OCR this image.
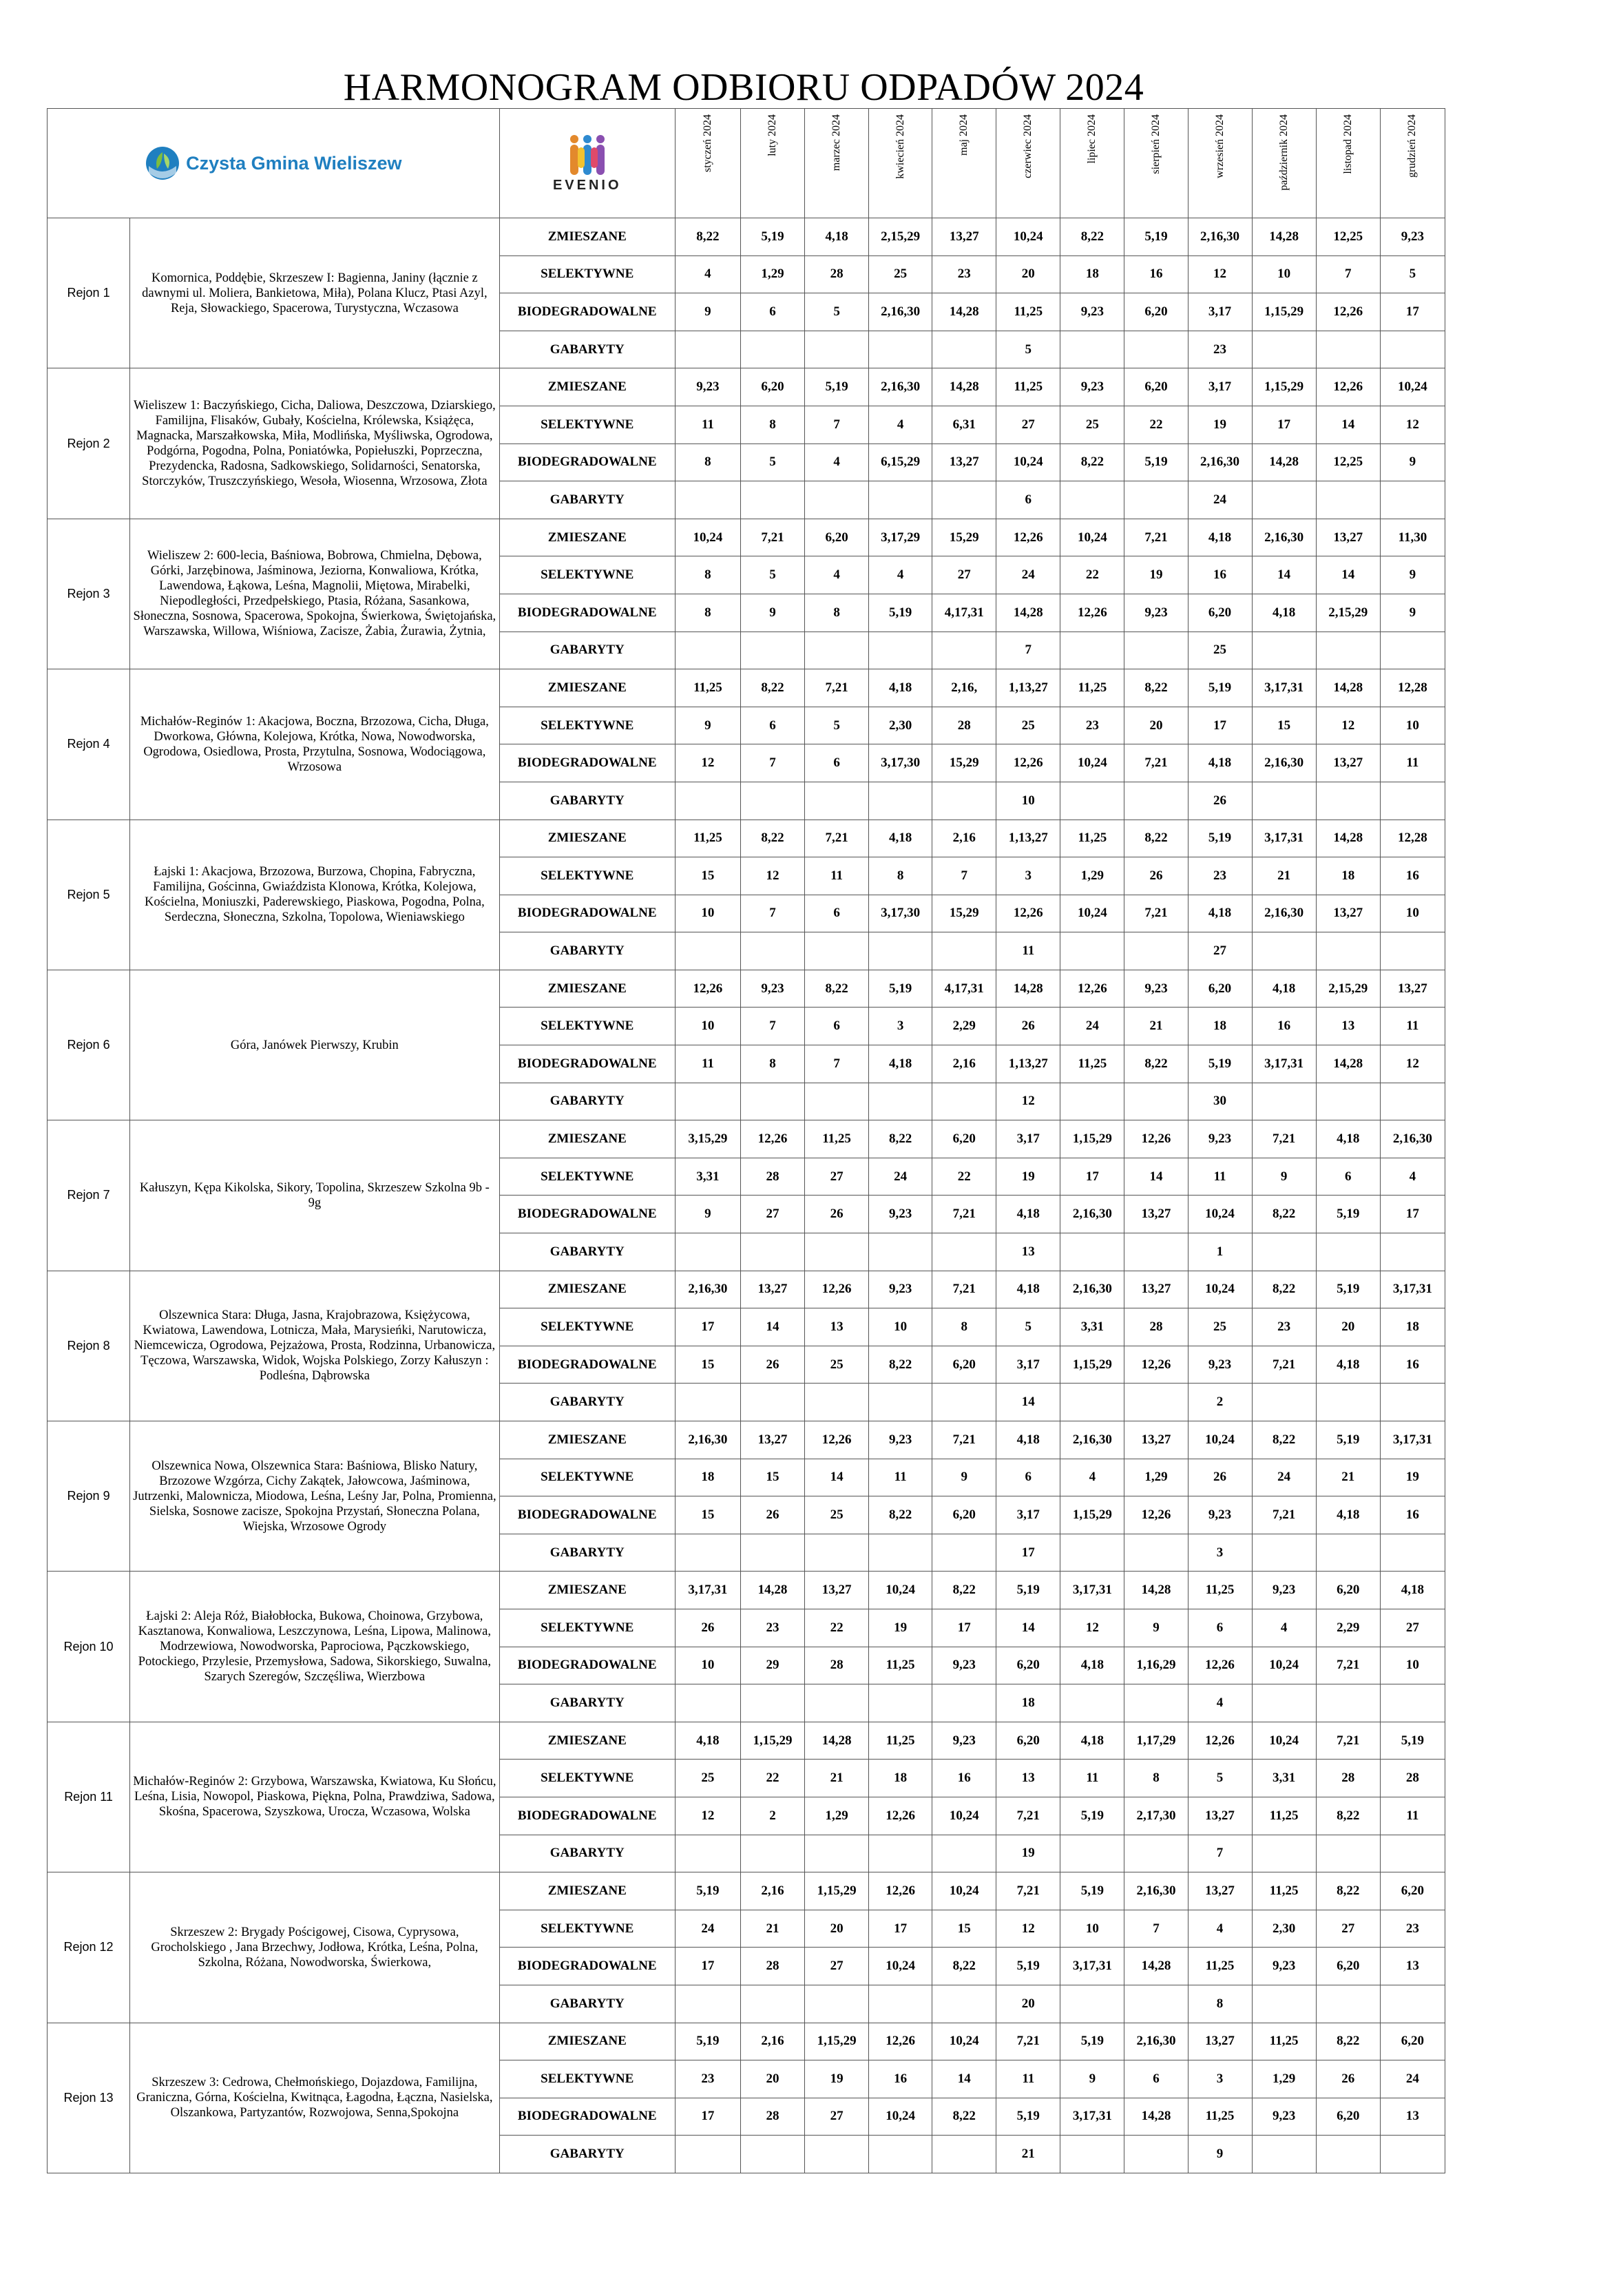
HARMONOGRAM ODBIORU ODPADÓW 2024
Czysta Gmina Wieliszew		EVENIO	styczeń 2024	luty 2024	marzec 2024	kwiecień 2024	maj 2024	czerwiec 2024	lipiec 2024	sierpień 2024	wrzesień 2024	październik 2024	listopad 2024	grudzień 2024

Rejon 1	Komornica, Poddębie, Skrzeszew I: Bagienna, Janiny (łącznie z dawnymi ul. Moliera, Bankietowa, Miła), Polana Klucz, Ptasi Azyl, Reja, Słowackiego, Spacerowa, Turystyczna, Wczasowa	ZMIESZANE	8,22	5,19	4,18	2,15,29	13,27	10,24	8,22	5,19	2,16,30	14,28	12,25	9,23
		SELEKTYWNE	4	1,29	28	25	23	20	18	16	12	10	7	5
		BIODEGRADOWALNE	9	6	5	2,16,30	14,28	11,25	9,23	6,20	3,17	1,15,29	12,26	17
		GABARYTY						5			23			
Rejon 2	Wieliszew 1: Baczyńskiego, Cicha, Daliowa, Deszczowa, Dziarskiego, Familijna, Flisaków, Gubały, Kościelna, Królewska, Książęca, Magnacka, Marszałkowska, Miła, Modlińska, Myśliwska, Ogrodowa, Podgórna, Pogodna, Polna, Poniatówka, Popiełuszki, Poprzeczna, Prezydencka, Radosna, Sadkowskiego, Solidarności, Senatorska, Storczyków, Truszczyńskiego, Wesoła, Wiosenna, Wrzosowa, Złota	ZMIESZANE	9,23	6,20	5,19	2,16,30	14,28	11,25	9,23	6,20	3,17	1,15,29	12,26	10,24
		SELEKTYWNE	11	8	7	4	6,31	27	25	22	19	17	14	12
		BIODEGRADOWALNE	8	5	4	6,15,29	13,27	10,24	8,22	5,19	2,16,30	14,28	12,25	9
		GABARYTY						6			24			
Rejon 3	Wieliszew 2: 600-lecia, Baśniowa, Bobrowa, Chmielna, Dębowa, Górki, Jarzębinowa, Jaśminowa, Jeziorna, Konwaliowa, Krótka, Lawendowa, Łąkowa, Leśna, Magnolii, Miętowa, Mirabelki, Niepodległości, Przedpełskiego, Ptasia, Różana, Sasankowa, Słoneczna, Sosnowa, Spacerowa, Spokojna, Świerkowa, Świętojańska, Warszawska, Willowa, Wiśniowa, Zacisze, Żabia, Żurawia, Żytnia,	ZMIESZANE	10,24	7,21	6,20	3,17,29	15,29	12,26	10,24	7,21	4,18	2,16,30	13,27	11,30
		SELEKTYWNE	8	5	4	4	27	24	22	19	16	14	14	9
		BIODEGRADOWALNE	8	9	8	5,19	4,17,31	14,28	12,26	9,23	6,20	4,18	2,15,29	9
		GABARYTY						7			25			
Rejon 4	Michałów-Reginów 1: Akacjowa, Boczna, Brzozowa, Cicha, Długa, Dworkowa, Główna, Kolejowa, Krótka, Nowa, Nowodworska, Ogrodowa, Osiedlowa, Prosta, Przytulna, Sosnowa, Wodociągowa, Wrzosowa	ZMIESZANE	11,25	8,22	7,21	4,18	2,16,	1,13,27	11,25	8,22	5,19	3,17,31	14,28	12,28
		SELEKTYWNE	9	6	5	2,30	28	25	23	20	17	15	12	10
		BIODEGRADOWALNE	12	7	6	3,17,30	15,29	12,26	10,24	7,21	4,18	2,16,30	13,27	11
		GABARYTY						10			26			
Rejon 5	Łajski 1: Akacjowa, Brzozowa, Burzowa, Chopina, Fabryczna, Familijna, Gościnna, Gwiaździsta Klonowa, Krótka, Kolejowa, Kościelna, Moniuszki, Paderewskiego, Piaskowa, Pogodna, Polna, Serdeczna, Słoneczna, Szkolna, Topolowa, Wieniawskiego	ZMIESZANE	11,25	8,22	7,21	4,18	2,16	1,13,27	11,25	8,22	5,19	3,17,31	14,28	12,28
		SELEKTYWNE	15	12	11	8	7	3	1,29	26	23	21	18	16
		BIODEGRADOWALNE	10	7	6	3,17,30	15,29	12,26	10,24	7,21	4,18	2,16,30	13,27	10
		GABARYTY						11			27			
Rejon 6	Góra, Janówek Pierwszy, Krubin	ZMIESZANE	12,26	9,23	8,22	5,19	4,17,31	14,28	12,26	9,23	6,20	4,18	2,15,29	13,27
		SELEKTYWNE	10	7	6	3	2,29	26	24	21	18	16	13	11
		BIODEGRADOWALNE	11	8	7	4,18	2,16	1,13,27	11,25	8,22	5,19	3,17,31	14,28	12
		GABARYTY						12			30			
Rejon 7	Kałuszyn, Kępa Kikolska, Sikory, Topolina, Skrzeszew Szkolna 9b - 9g	ZMIESZANE	3,15,29	12,26	11,25	8,22	6,20	3,17	1,15,29	12,26	9,23	7,21	4,18	2,16,30
		SELEKTYWNE	3,31	28	27	24	22	19	17	14	11	9	6	4
		BIODEGRADOWALNE	9	27	26	9,23	7,21	4,18	2,16,30	13,27	10,24	8,22	5,19	17
		GABARYTY						13			1			
Rejon 8	Olszewnica Stara: Długa, Jasna, Krajobrazowa, Księżycowa, Kwiatowa, Lawendowa, Lotnicza, Mała, Marysieńki, Narutowicza, Niemcewicza, Ogrodowa, Pejzażowa, Prosta, Rodzinna, Urbanowicza, Tęczowa, Warszawska, Widok, Wojska Polskiego, Zorzy Kałuszyn : Podleśna, Dąbrowska	ZMIESZANE	2,16,30	13,27	12,26	9,23	7,21	4,18	2,16,30	13,27	10,24	8,22	5,19	3,17,31
		SELEKTYWNE	17	14	13	10	8	5	3,31	28	25	23	20	18
		BIODEGRADOWALNE	15	26	25	8,22	6,20	3,17	1,15,29	12,26	9,23	7,21	4,18	16
		GABARYTY						14			2			
Rejon 9	Olszewnica Nowa, Olszewnica Stara: Baśniowa, Blisko Natury, Brzozowe Wzgórza, Cichy Zakątek, Jałowcowa, Jaśminowa, Jutrzenki, Malownicza, Miodowa, Leśna, Leśny Jar, Polna, Promienna, Sielska, Sosnowe zacisze, Spokojna Przystań, Słoneczna Polana, Wiejska, Wrzosowe Ogrody	ZMIESZANE	2,16,30	13,27	12,26	9,23	7,21	4,18	2,16,30	13,27	10,24	8,22	5,19	3,17,31
		SELEKTYWNE	18	15	14	11	9	6	4	1,29	26	24	21	19
		BIODEGRADOWALNE	15	26	25	8,22	6,20	3,17	1,15,29	12,26	9,23	7,21	4,18	16
		GABARYTY						17			3			
Rejon 10	Łajski 2: Aleja Róż, Białobłocka, Bukowa, Choinowa, Grzybowa, Kasztanowa, Konwaliowa, Leszczynowa, Leśna, Lipowa, Malinowa, Modrzewiowa, Nowodworska, Paprociowa, Pączkowskiego, Potockiego, Przylesie, Przemysłowa, Sadowa, Sikorskiego, Suwalna, Szarych Szeregów, Szczęśliwa, Wierzbowa	ZMIESZANE	3,17,31	14,28	13,27	10,24	8,22	5,19	3,17,31	14,28	11,25	9,23	6,20	4,18
		SELEKTYWNE	26	23	22	19	17	14	12	9	6	4	2,29	27
		BIODEGRADOWALNE	10	29	28	11,25	9,23	6,20	4,18	1,16,29	12,26	10,24	7,21	10
		GABARYTY						18			4			
Rejon 11	Michałów-Reginów 2: Grzybowa, Warszawska, Kwiatowa, Ku Słońcu, Leśna, Lisia, Nowopol, Piaskowa, Piękna, Polna, Prawdziwa, Sadowa, Skośna, Spacerowa, Szyszkowa, Urocza, Wczasowa, Wolska	ZMIESZANE	4,18	1,15,29	14,28	11,25	9,23	6,20	4,18	1,17,29	12,26	10,24	7,21	5,19
		SELEKTYWNE	25	22	21	18	16	13	11	8	5	3,31	28	28
		BIODEGRADOWALNE	12	2	1,29	12,26	10,24	7,21	5,19	2,17,30	13,27	11,25	8,22	11
		GABARYTY						19			7			
Rejon 12	Skrzeszew 2: Brygady Pościgowej, Cisowa, Cyprysowa, Grocholskiego , Jana Brzechwy, Jodłowa, Krótka, Leśna, Polna, Szkolna, Różana, Nowodworska, Świerkowa,	ZMIESZANE	5,19	2,16	1,15,29	12,26	10,24	7,21	5,19	2,16,30	13,27	11,25	8,22	6,20
		SELEKTYWNE	24	21	20	17	15	12	10	7	4	2,30	27	23
		BIODEGRADOWALNE	17	28	27	10,24	8,22	5,19	3,17,31	14,28	11,25	9,23	6,20	13
		GABARYTY						20			8			
Rejon 13	Skrzeszew 3: Cedrowa, Chełmońskiego, Dojazdowa, Familijna, Graniczna, Górna, Kościelna, Kwitnąca, Łagodna, Łączna, Nasielska, Olszankowa, Partyzantów, Rozwojowa, Senna,Spokojna	ZMIESZANE	5,19	2,16	1,15,29	12,26	10,24	7,21	5,19	2,16,30	13,27	11,25	8,22	6,20
		SELEKTYWNE	23	20	19	16	14	11	9	6	3	1,29	26	24
		BIODEGRADOWALNE	17	28	27	10,24	8,22	5,19	3,17,31	14,28	11,25	9,23	6,20	13
		GABARYTY						21			9			
